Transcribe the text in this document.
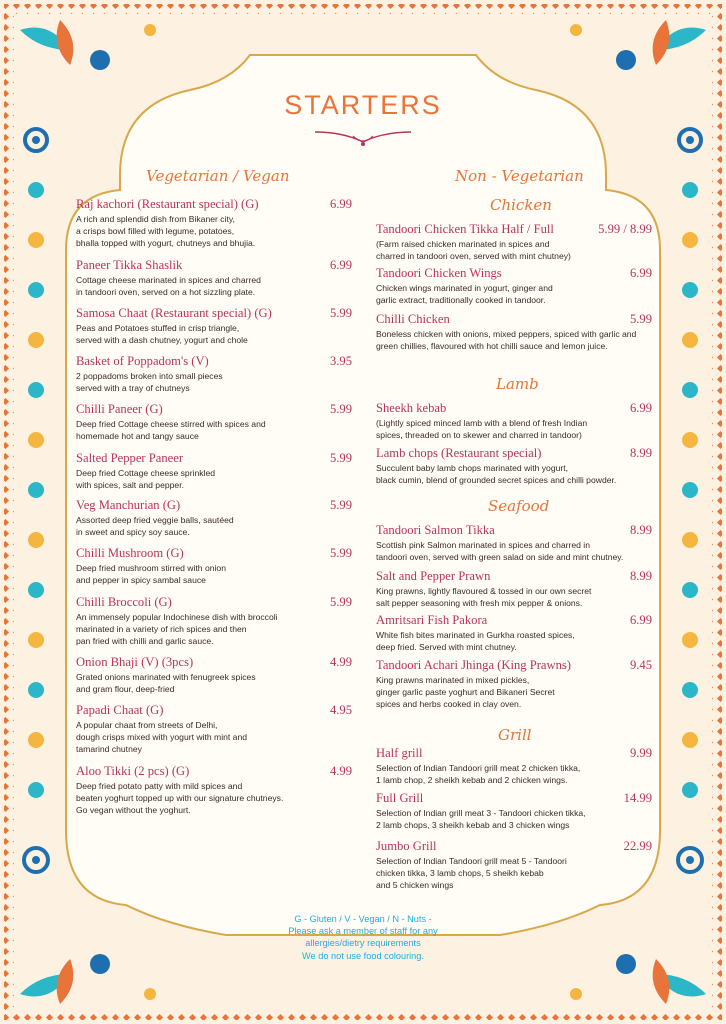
STARTERS
Vegetarian / Vegan	Non - Vegetarian
Chicken
Lamb
Seafood
Grill
Raj kachori (Restaurant special) (G)	6.99
A rich and splendid dish from Bikaner city,
a crisps bowl filled with legume, potatoes,
bhalla topped with yogurt, chutneys and bhujia.
Paneer Tikka Shaslik	6.99
Cottage cheese marinated in spices and charred
in tandoori oven, served on a hot sizzling plate.
Samosa Chaat (Restaurant special) (G)	5.99
Peas and Potatoes stuffed in crisp triangle,
served with a dash chutney, yogurt and chole
Basket of Poppadom's (V)	3.95
2 poppadoms broken into small pieces
served with a tray of chutneys
Chilli Paneer (G)	5.99
Deep fried Cottage cheese stirred with spices and
homemade hot and tangy sauce
Salted Pepper Paneer	5.99
Deep fried Cottage cheese sprinkled
with spices, salt and pepper.
Veg Manchurian (G)	5.99
Assorted deep fried veggie balls, sautéed
in sweet and spicy soy sauce.
Chilli Mushroom (G)	5.99
Deep fried mushroom stirred with onion
and pepper in spicy sambal sauce
Chilli Broccoli (G)	5.99
An immensely popular Indochinese dish with broccoli
marinated in a variety of rich spices and then
pan fried with chilli and garlic sauce.
Onion Bhaji (V) (3pcs)	4.99
Grated onions marinated with fenugreek spices
and gram flour, deep-fried
Papadi Chaat (G)	4.95
A popular chaat from streets of Delhi,
dough crisps mixed with yogurt with mint and
tamarind chutney
Aloo Tikki (2 pcs) (G)	4.99
Deep fried potato patty with mild spices and
beaten yoghurt topped up with our signature chutneys.
Go vegan without the yoghurt.
Tandoori Chicken Tikka Half / Full	5.99 / 8.99
(Farm raised chicken marinated in spices and
charred in tandoori oven, served with mint chutney)
Tandoori Chicken Wings	6.99
Chicken wings marinated in yogurt, ginger and
garlic extract, traditionally cooked in tandoor.
Chilli Chicken	5.99
Boneless chicken with onions, mixed peppers, spiced with garlic and
green chillies, flavoured with hot chilli sauce and lemon juice.
Sheekh kebab	6.99
(Lightly spiced minced lamb with a blend of fresh Indian
spices, threaded on to skewer and charred in tandoor)
Lamb chops (Restaurant special)	8.99
Succulent baby lamb chops marinated with yogurt,
black cumin, blend of grounded secret spices and chilli powder.
Tandoori Salmon Tikka	8.99
Scottish pink Salmon marinated in spices and charred in
tandoori oven, served with green salad on side and mint chutney.
Salt and Pepper Prawn	8.99
King prawns, lightly flavoured & tossed in our own secret
salt pepper seasoning with fresh mix pepper & onions.
Amritsari Fish Pakora	6.99
White fish bites marinated in Gurkha roasted spices,
deep fried. Served with mint chutney.
Tandoori Achari Jhinga (King Prawns)	9.45
King prawns marinated in mixed pickles,
ginger garlic paste yoghurt and Bikaneri Secret
spices and herbs cooked in clay oven.
Half grill	9.99
Selection of Indian Tandoori grill meat 2 chicken tikka,
1 lamb chop, 2 sheikh kebab and 2 chicken wings.
Full Grill	14.99
Selection of Indian grill meat 3 - Tandoori chicken tikka,
2 lamb chops, 3 sheikh kebab and 3 chicken wings
Jumbo Grill	22.99
Selection of Indian Tandoori grill meat 5 - Tandoori
chicken tikka, 3 lamb chops, 5 sheikh kebab
and 5 chicken wings
G - Gluten / V - Vegan / N - Nuts -
Please ask a member of staff for any
allergies/dietry requirements
We do not use food colouring.
